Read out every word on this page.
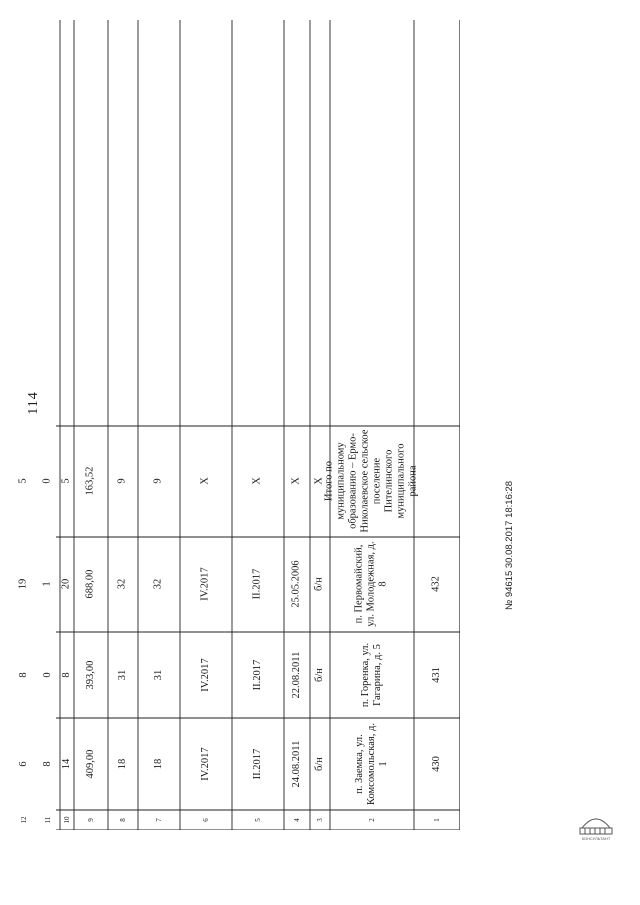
1
2
3
4
5
6
7
8
9
10
11
12
430
п. Заемка, ул. Комсомольская, д. 1
б/н
24.08.2011
II.2017
IV.2017
18
18
409,00
14
8
6
431
п. Горенка, ул. Гагарина, д. 5
б/н
22.08.2011
II.2017
IV.2017
31
31
393,00
8
0
8
432
п. Первомайский, ул. Молодежная, д. 8
б/н
25.05.2006
II.2017
IV.2017
32
32
688,00
20
1
19
Итого по муниципальному образованию – Ермо-Николаевское сельское поселение Пителинского муниципального района
X
X
X
X
9
9
163,52
5
0
5
114
№ 94615 30.08.2017 18:16:28
КОНСУЛЬТАНТ
